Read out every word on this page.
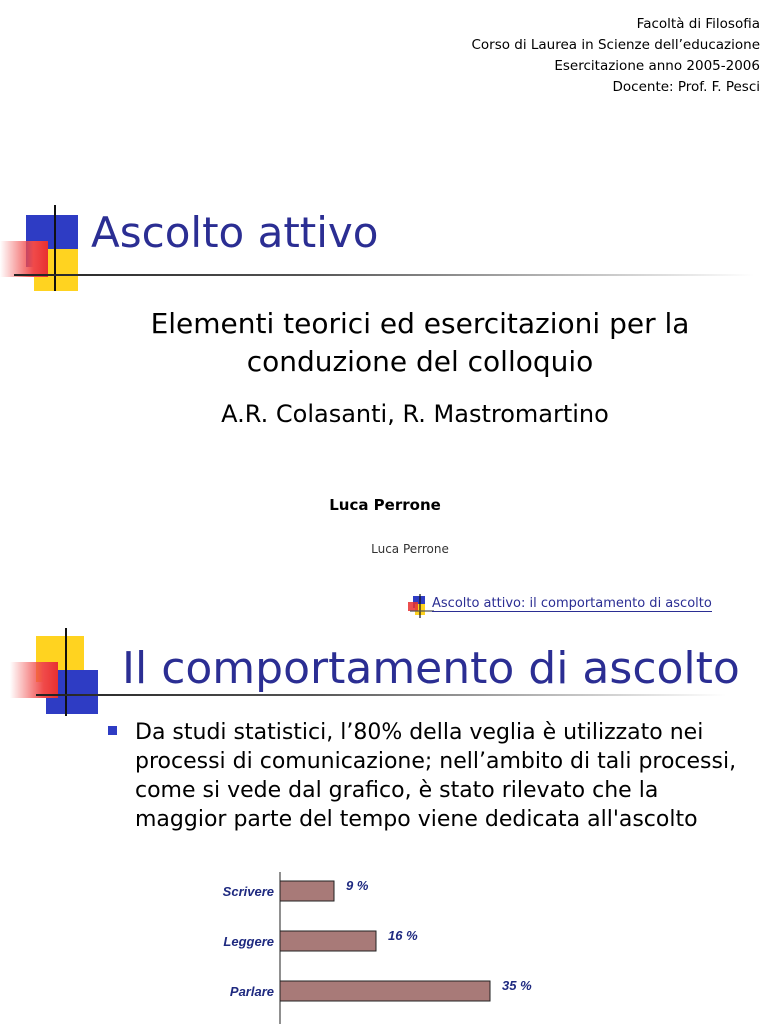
Facoltà di Filosofia
Corso di Laurea in Scienze dell’educazione
Esercitazione anno 2005-2006
Docente: Prof. F. Pesci
Ascolto attivo
Elementi teorici ed esercitazioni per la
conduzione del colloquio
A.R. Colasanti, R. Mastromartino
Luca Perrone
Luca Perrone
Ascolto attivo: il comportamento di ascolto
Il comportamento di ascolto
Da studi statistici, l’80% della veglia è utilizzato nei processi di comunicazione; nell’ambito di tali processi, come si vede dal grafico, è stato rilevato che la maggior parte del tempo viene dedicata all'ascolto
Scrivere	9 %
Leggere	16 %
Parlare	35 %
